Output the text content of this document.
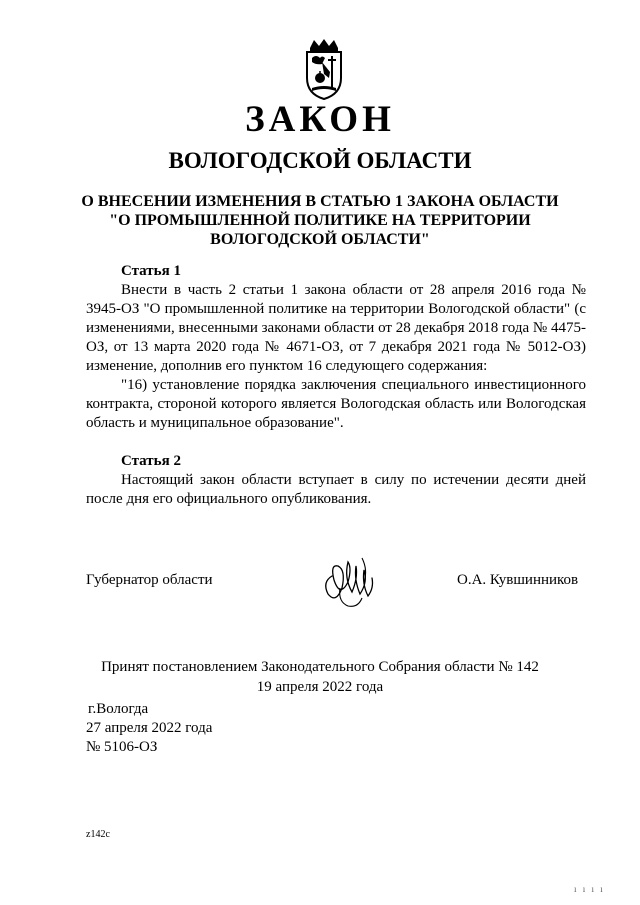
ЗАКОН
ВОЛОГОДСКОЙ ОБЛАСТИ
О ВНЕСЕНИИ ИЗМЕНЕНИЯ В СТАТЬЮ 1 ЗАКОНА ОБЛАСТИ
"О ПРОМЫШЛЕННОЙ ПОЛИТИКЕ НА ТЕРРИТОРИИ
ВОЛОГОДСКОЙ ОБЛАСТИ"
Статья 1

Внести в часть 2 статьи 1 закона области от 28 апреля 2016 года № 3945-ОЗ "О промышленной политике на территории Вологодской области" (с изменениями, внесенными законами области от 28 декабря 2018 года № 4475-ОЗ, от 13 марта 2020 года № 4671-ОЗ, от 7 декабря 2021 года № 5012-ОЗ) изменение, дополнив его пунктом 16 следующего содержания:

"16) установление порядка заключения специального инвестиционного контракта, стороной которого является Вологодская область или Вологодская область и муниципальное образование".

Статья 2

Настоящий закон области вступает в силу по истечении десяти дней после дня его официального опубликования.

Губернатор области	О.А. Кувшинников
Принят постановлением Законодательного Собрания области № 142
19 апреля 2022 года
г.Вологда
27 апреля 2022 года
№ 5106-ОЗ
z142c
ı ı ı ı
